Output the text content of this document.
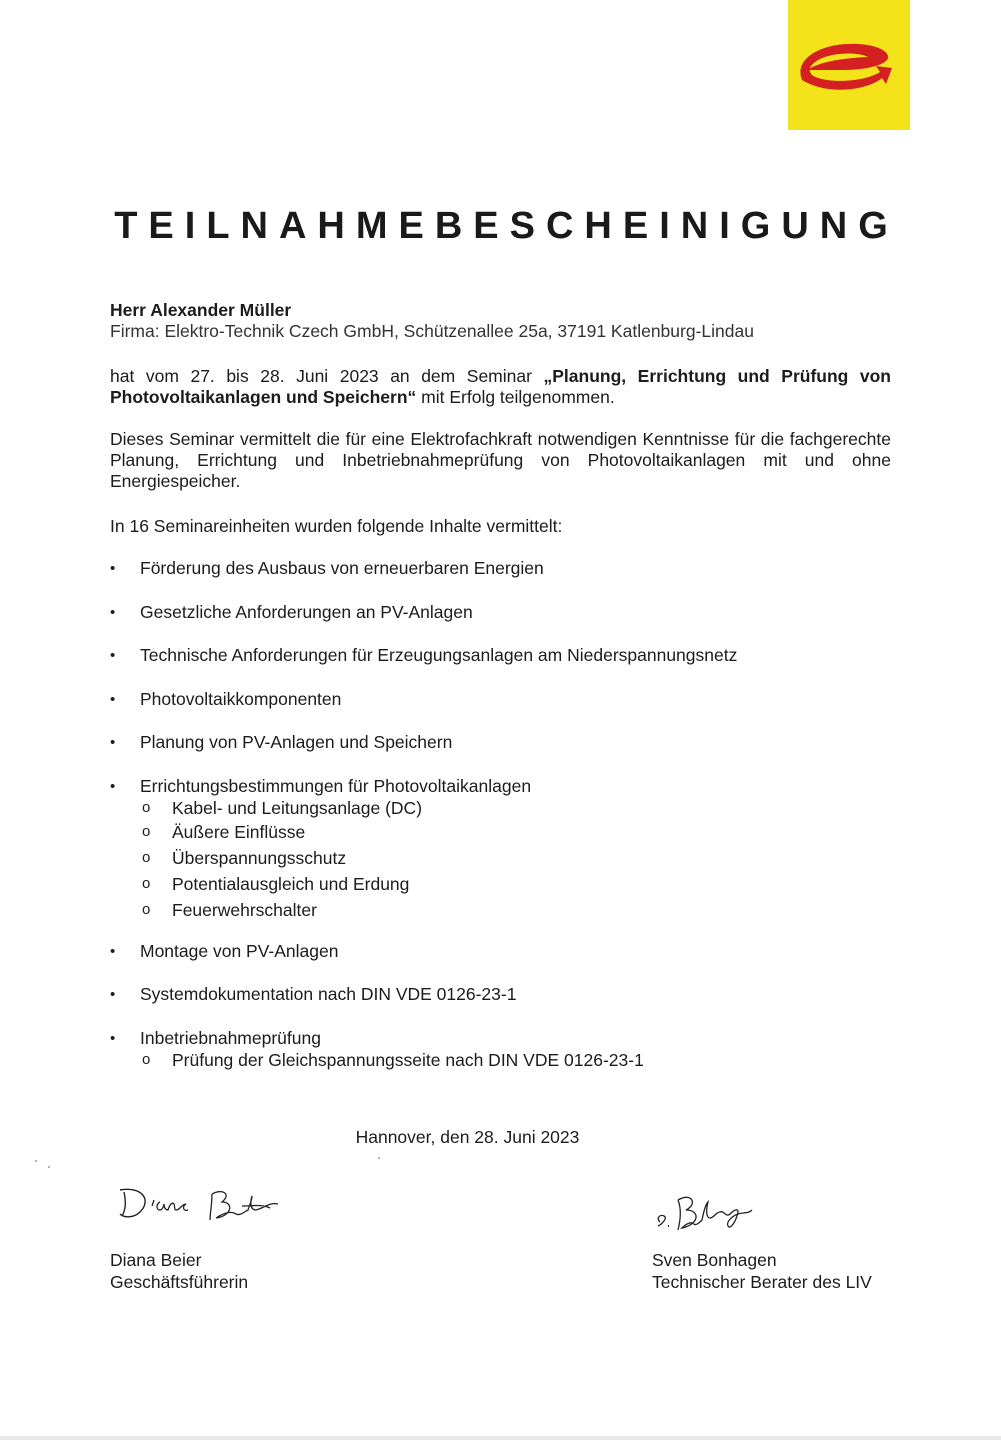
TEILNAHMEBESCHEINIGUNG
Herr Alexander Müller
Firma: Elektro-Technik Czech GmbH, Schützenallee 25a, 37191 Katlenburg-Lindau
hat vom 27. bis 28. Juni 2023 an dem Seminar „Planung, Errichtung und Prüfung von Photovoltaikanlagen und Speichern“ mit Erfolg teilgenommen.
Dieses Seminar vermittelt die für eine Elektrofachkraft notwendigen Kenntnisse für die fachgerechte Planung, Errichtung und Inbetriebnahmeprüfung von Photovoltaikanlagen mit und ohne Energiespeicher.
In 16 Seminareinheiten wurden folgende Inhalte vermittelt:
• Förderung des Ausbaus von erneuerbaren Energien
• Gesetzliche Anforderungen an PV-Anlagen
• Technische Anforderungen für Erzeugungsanlagen am Niederspannungsnetz
• Photovoltaikkomponenten
• Planung von PV-Anlagen und Speichern
• Errichtungsbestimmungen für Photovoltaikanlagen
o Kabel- und Leitungsanlage (DC)
o Äußere Einflüsse
o Überspannungsschutz
o Potentialausgleich und Erdung
o Feuerwehrschalter
• Montage von PV-Anlagen
• Systemdokumentation nach DIN VDE 0126-23-1
• Inbetriebnahmeprüfung
o Prüfung der Gleichspannungsseite nach DIN VDE 0126-23-1
Hannover, den 28. Juni 2023
Diana Beier
Geschäftsführerin
Sven Bonhagen
Technischer Berater des LIV
